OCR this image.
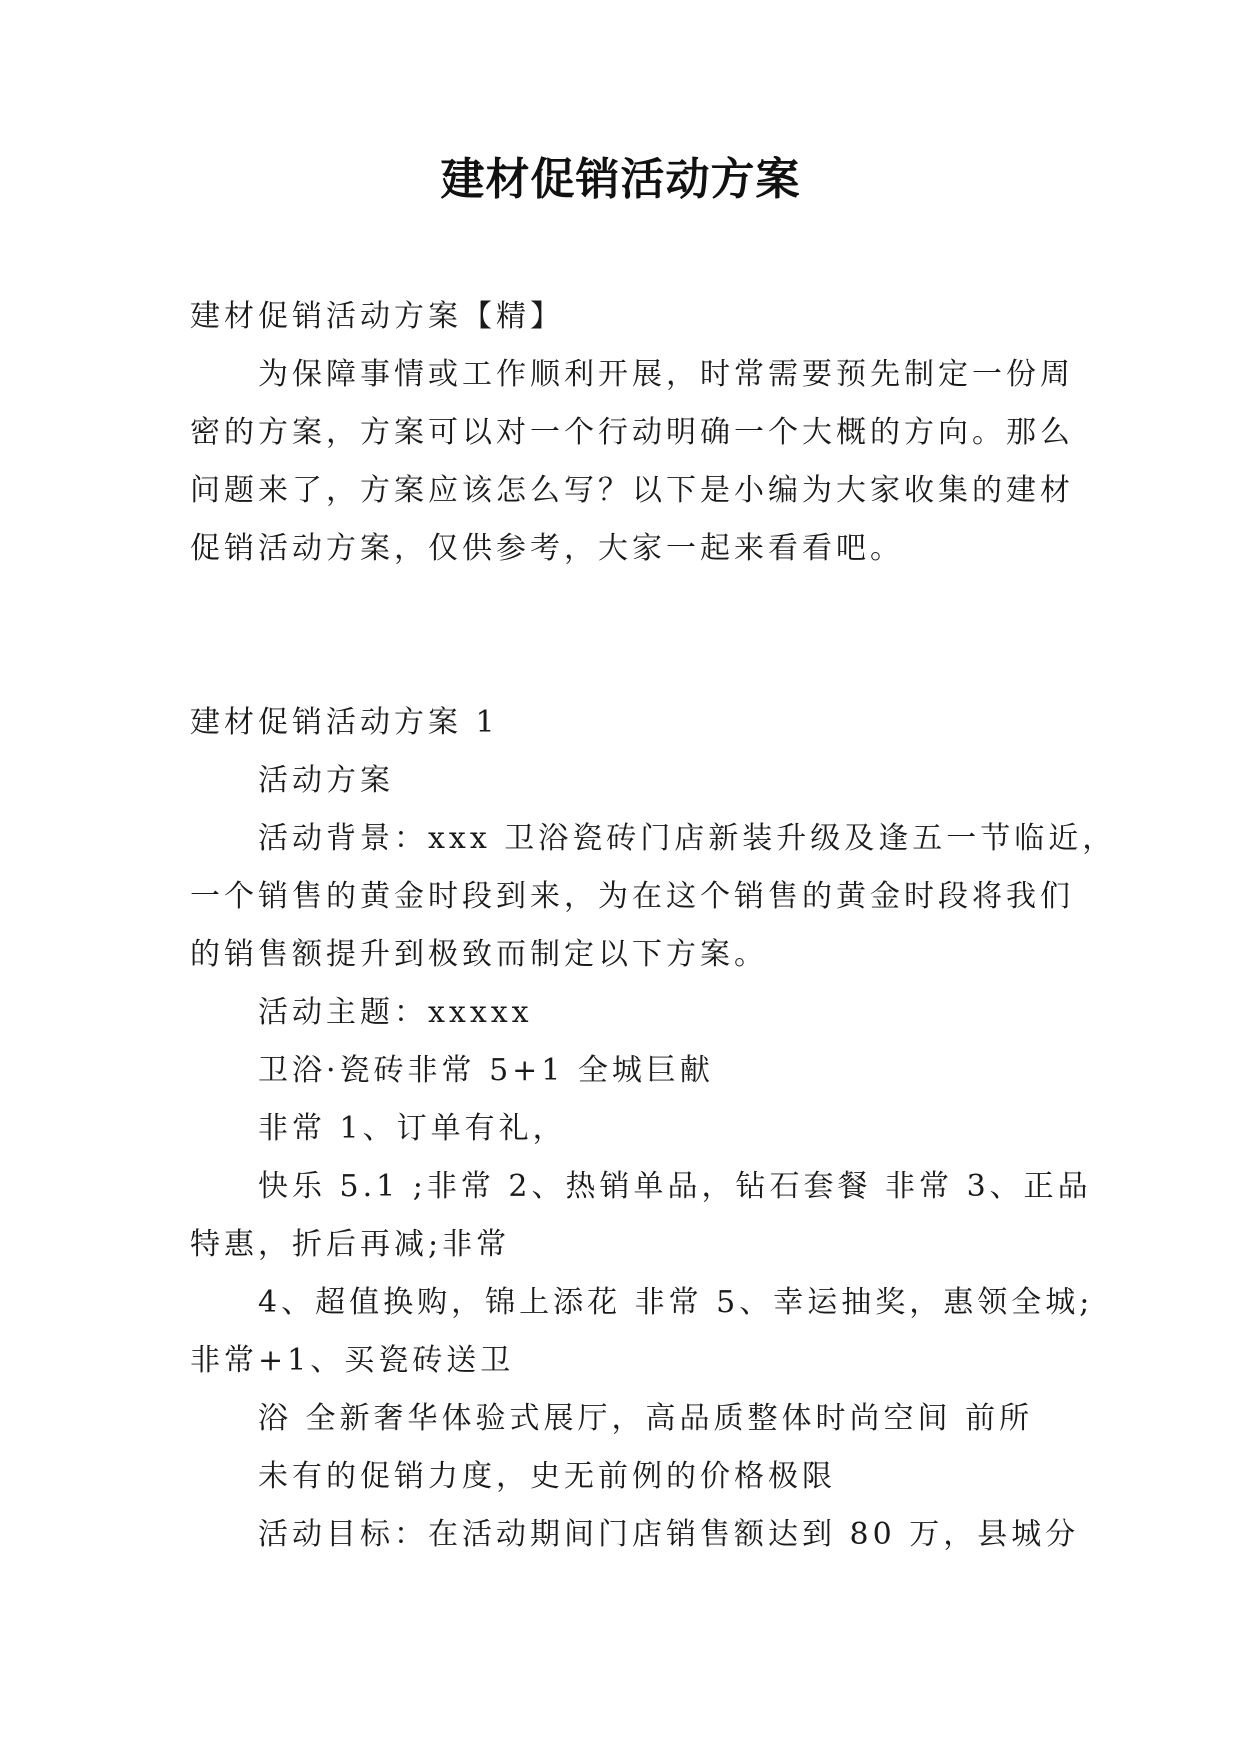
建材促销活动方案
建材促销活动方案【精】
为保障事情或工作顺利开展，时常需要预先制定一份周
密的方案，方案可以对一个行动明确一个大概的方向。那么
问题来了，方案应该怎么写？以下是小编为大家收集的建材
促销活动方案，仅供参考，大家一起来看看吧。
建材促销活动方案 1
活动方案
活动背景：xxx 卫浴瓷砖门店新装升级及逢五一节临近，
一个销售的黄金时段到来，为在这个销售的黄金时段将我们
的销售额提升到极致而制定以下方案。
活动主题：xxxxx
卫浴·瓷砖非常 5+1 全城巨献
非常 1、订单有礼，
快乐 5.1 ;非常 2、热销单品，钻石套餐 非常 3、正品
特惠，折后再减;非常
4、超值换购，锦上添花 非常 5、幸运抽奖，惠领全城;
非常+1、买瓷砖送卫
浴 全新奢华体验式展厅，高品质整体时尚空间 前所
未有的促销力度，史无前例的价格极限
活动目标：在活动期间门店销售额达到 80 万，县城分
